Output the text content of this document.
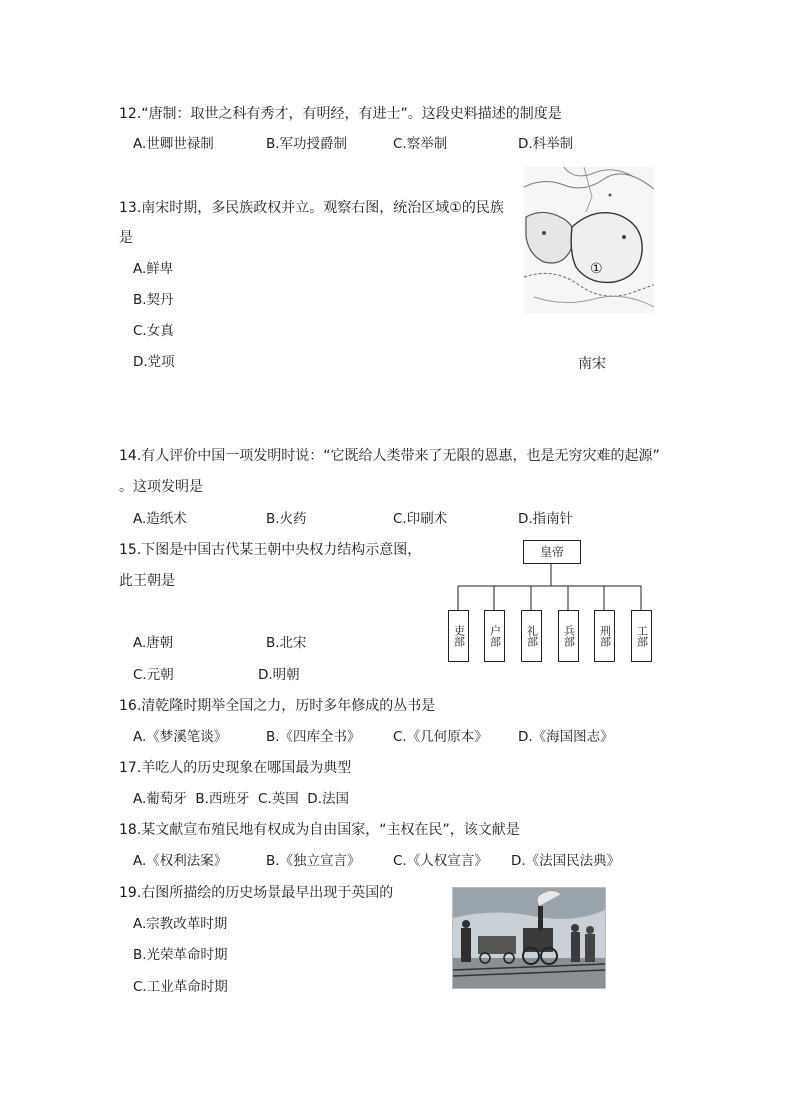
12.“唐制：取世之科有秀才，有明经，有进士”。这段史料描述的制度是
A.世卿世禄制	B.军功授爵制	C.察举制	D.科举制
13.南宋时期，多民族政权并立。观察右图，统治区域①的民族
是
A.鲜卑
B.契丹
C.女真
D.党项
①
南宋
14.有人评价中国一项发明时说：“它既给人类带来了无限的恩惠，也是无穷灾难的起源”
。这项发明是
A.造纸术	B.火药	C.印刷术	D.指南针
15.下图是中国古代某王朝中央权力结构示意图，
此王朝是
A.唐朝	B.北宋
C.元朝	D.明朝
皇帝
吏部	户部	礼部	兵部	刑部	工部
16.清乾隆时期举全国之力，历时多年修成的丛书是
A.《梦溪笔谈》	B.《四库全书》 C.《几何原本》 D.《海国图志》
17.羊吃人的历史现象在哪国最为典型
A.葡萄牙  B.西班牙  C.英国  D.法国
18.某文献宣布殖民地有权成为自由国家，“主权在民”，该文献是
A.《权利法案》	B.《独立宣言》 C.《人权宣言》 D.《法国民法典》
19.右图所描绘的历史场景最早出现于英国的
A.宗教改革时期
B.光荣革命时期
C.工业革命时期
